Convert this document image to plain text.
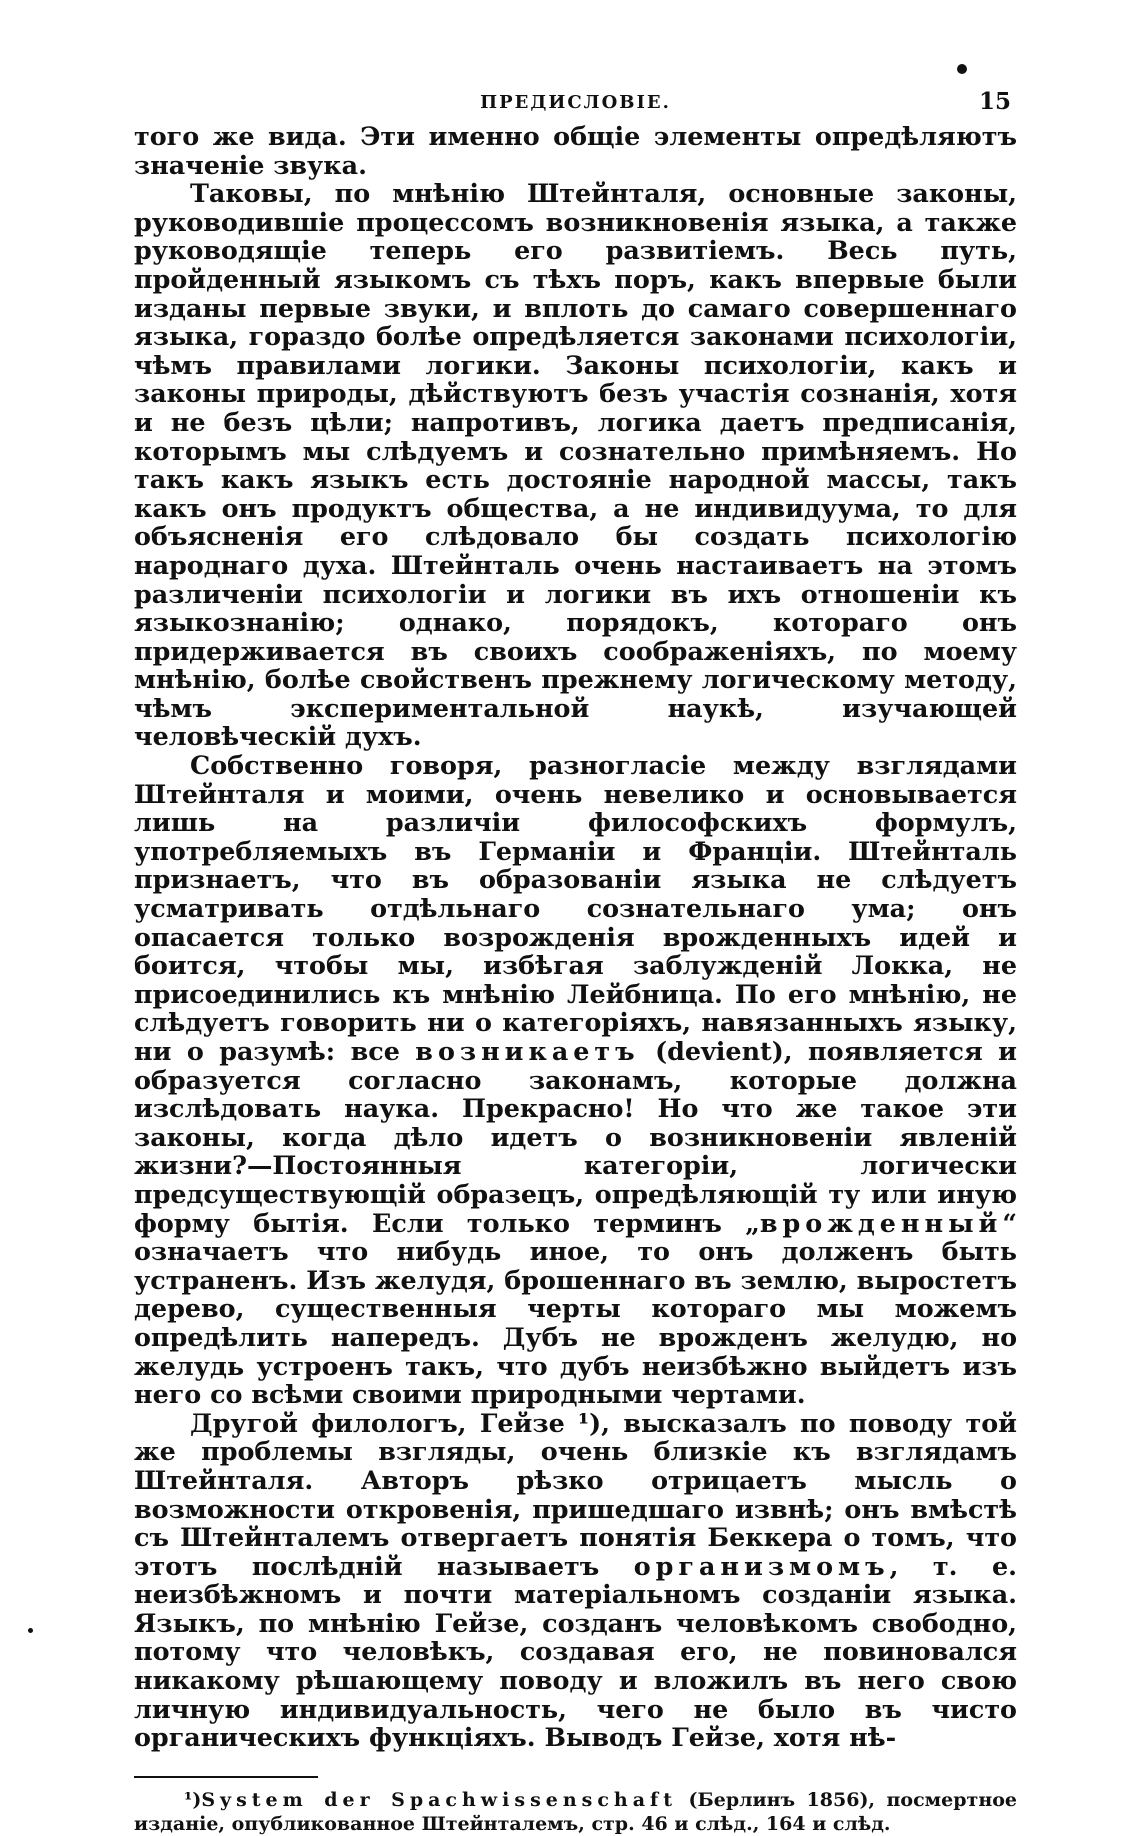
ПРЕДИСЛОВІЕ.	15

того же вида. Эти именно общіе элементы опредѣляютъ значеніе звука.

Таковы, по мнѣнію Штейнталя, основные законы, руководившіе процессомъ возникновенія языка, а также руководящіе теперь его развитіемъ. Весь путь, пройденный языкомъ съ тѣхъ поръ, какъ впервые были изданы первые звуки, и вплоть до самаго совершеннаго языка, гораздо болѣе опредѣляется законами психологіи, чѣмъ правилами логики. Законы психологіи, какъ и законы природы, дѣйствуютъ безъ участія сознанія, хотя и не безъ цѣли; напротивъ, логика даетъ предписанія, которымъ мы слѣдуемъ и сознательно примѣняемъ. Но такъ какъ языкъ есть достояніе народной массы, такъ какъ онъ продуктъ общества, а не индивидуума, то для объясненія его слѣдовало бы создать психологію народнаго духа. Штейнталь очень настаиваетъ на этомъ различеніи психологіи и логики въ ихъ отношеніи къ языкознанію; однако, порядокъ, котораго онъ придерживается въ своихъ соображеніяхъ, по моему мнѣнію, болѣе свойственъ прежнему логическому методу, чѣмъ экспериментальной наукѣ, изучающей человѣческій духъ.

Собственно говоря, разногласіе между взглядами Штейнталя и моими, очень невелико и основывается лишь на различіи философскихъ формулъ, употребляемыхъ въ Германіи и Франціи. Штейнталь признаетъ, что въ образованіи языка не слѣдуетъ усматривать отдѣльнаго сознательнаго ума; онъ опасается только возрожденія врожденныхъ идей и боится, чтобы мы, избѣгая заблужденій Локка, не присоединились къ мнѣнію Лейбница. По его мнѣнію, не слѣдуетъ говорить ни о категоріяхъ, навязанныхъ языку, ни о разумѣ: все возникаетъ (devient), появляется и образуется согласно законамъ, которые должна изслѣдовать наука. Прекрасно! Но что же такое эти законы, когда дѣло идетъ о возникновеніи явленій жизни?—Постоянныя категоріи, логически предсуществующій образецъ, опредѣляющій ту или иную форму бытія. Если только терминъ „врожденный“ означаетъ что нибудь иное, то онъ долженъ быть устраненъ. Изъ желудя, брошеннаго въ землю, выростетъ дерево, существенныя черты котораго мы можемъ опредѣлить напередъ. Дубъ не врожденъ желудю, но желудь устроенъ такъ, что дубъ неизбѣжно выйдетъ изъ него со всѣми своими природными чертами.

Другой филологъ, Гейзе ¹), высказалъ по поводу той же проблемы взгляды, очень близкіе къ взглядамъ Штейнталя. Авторъ рѣзко отрицаетъ мысль о возможности откровенія, пришедшаго извнѣ; онъ вмѣстѣ съ Штейнталемъ отвергаетъ понятія Беккера о томъ, что этотъ послѣдній называетъ организмомъ, т. е. неизбѣжномъ и почти матеріальномъ созданіи языка. Языкъ, по мнѣнію Гейзе, созданъ человѣкомъ свободно, потому что человѣкъ, создавая его, не повиновался никакому рѣшающему поводу и вложилъ въ него свою личную индивидуальность, чего не было въ чисто органическихъ функціяхъ. Выводъ Гейзе, хотя нѣ-

¹)System der Spachwissenschaft (Берлинъ 1856), посмертное изданіе, опубликованное Штейнталемъ, стр. 46 и слѣд., 164 и слѣд.
